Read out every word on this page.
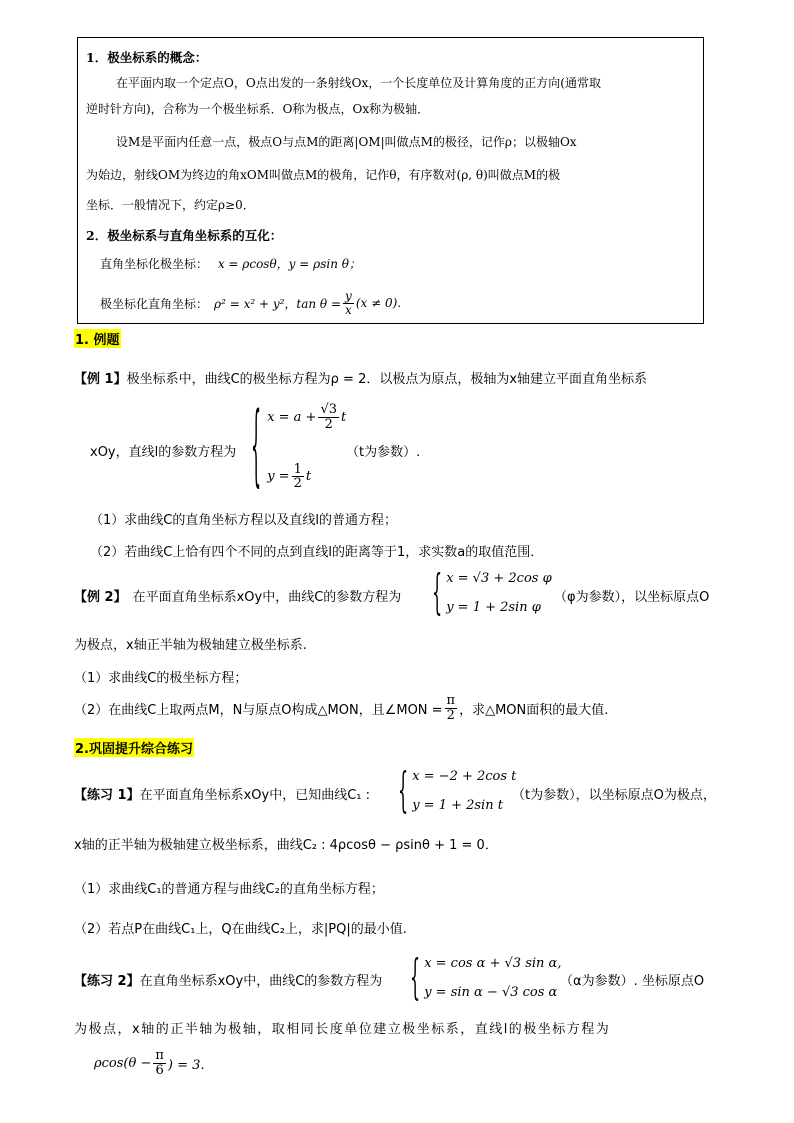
1．极坐标系的概念：
在平面内取一个定点O，O点出发的一条射线Ox，一个长度单位及计算角度的正方向(通常取
逆时针方向)，合称为一个极坐标系．O称为极点，Ox称为极轴．
设M是平面内任意一点，极点O与点M的距离|OM|叫做点M的极径，记作ρ；以极轴Ox
为始边，射线OM为终边的角xOM叫做点M的极角，记作θ，有序数对(ρ, θ)叫做点M的极
坐标．一般情况下，约定ρ≥0．
2．极坐标系与直角坐标系的互化：
直角坐标化极坐标： x = ρcosθ，y = ρsin θ；
极坐标化直角坐标： ρ² = x² + y²，$\tan \theta = \frac{y}{x} (x \ne 0)$.
1. 例题
【例 1】极坐标系中，曲线C的极坐标方程为ρ = 2．以极点为原点，极轴为x轴建立平面直角坐标系
xOy，直线l的参数方程为 { $x = a + \frac{√3}{2}$ t
$y = \frac{1}{2}$ t
（t为参数）.
（1）求曲线C的直角坐标方程以及直线l的普通方程；
（2）若曲线C上恰有四个不同的点到直线l的距离等于1，求实数a的取值范围．
【例 2】 在平面直角坐标系xOy中，曲线C的参数方程为 { x = √3 + 2cos φ
y = 1 + 2sin φ
（φ为参数），以坐标原点O
为极点，x轴正半轴为极轴建立极坐标系.
（1）求曲线C的极坐标方程；
（2）在曲线C上取两点M，N与原点O构成△MON，且∠MON = $\frac{\pi}{2}$ ，求△MON面积的最大值.
2.巩固提升综合练习
【练习 1】在平面直角坐标系xOy中，已知曲线C₁ : { x = −2 + 2cos t
y = 1 + 2sin t
（t为参数），以坐标原点O为极点，
x轴的正半轴为极轴建立极坐标系，曲线C₂ : 4ρcosθ − ρsinθ + 1 = 0．
（1）求曲线C₁的普通方程与曲线C₂的直角坐标方程；
（2）若点P在曲线C₁上，Q在曲线C₂上，求|PQ|的最小值.
【练习 2】在直角坐标系xOy中，曲线C的参数方程为 { x = cos α + √3 sin α,
y = sin α − √3 cos α
（α为参数）. 坐标原点O
为极点，x轴的正半轴为极轴，取相同长度单位建立极坐标系，直线l的极坐标方程为
$\rho\cos(\theta - \frac{\pi}{6}$ ) = 3．
